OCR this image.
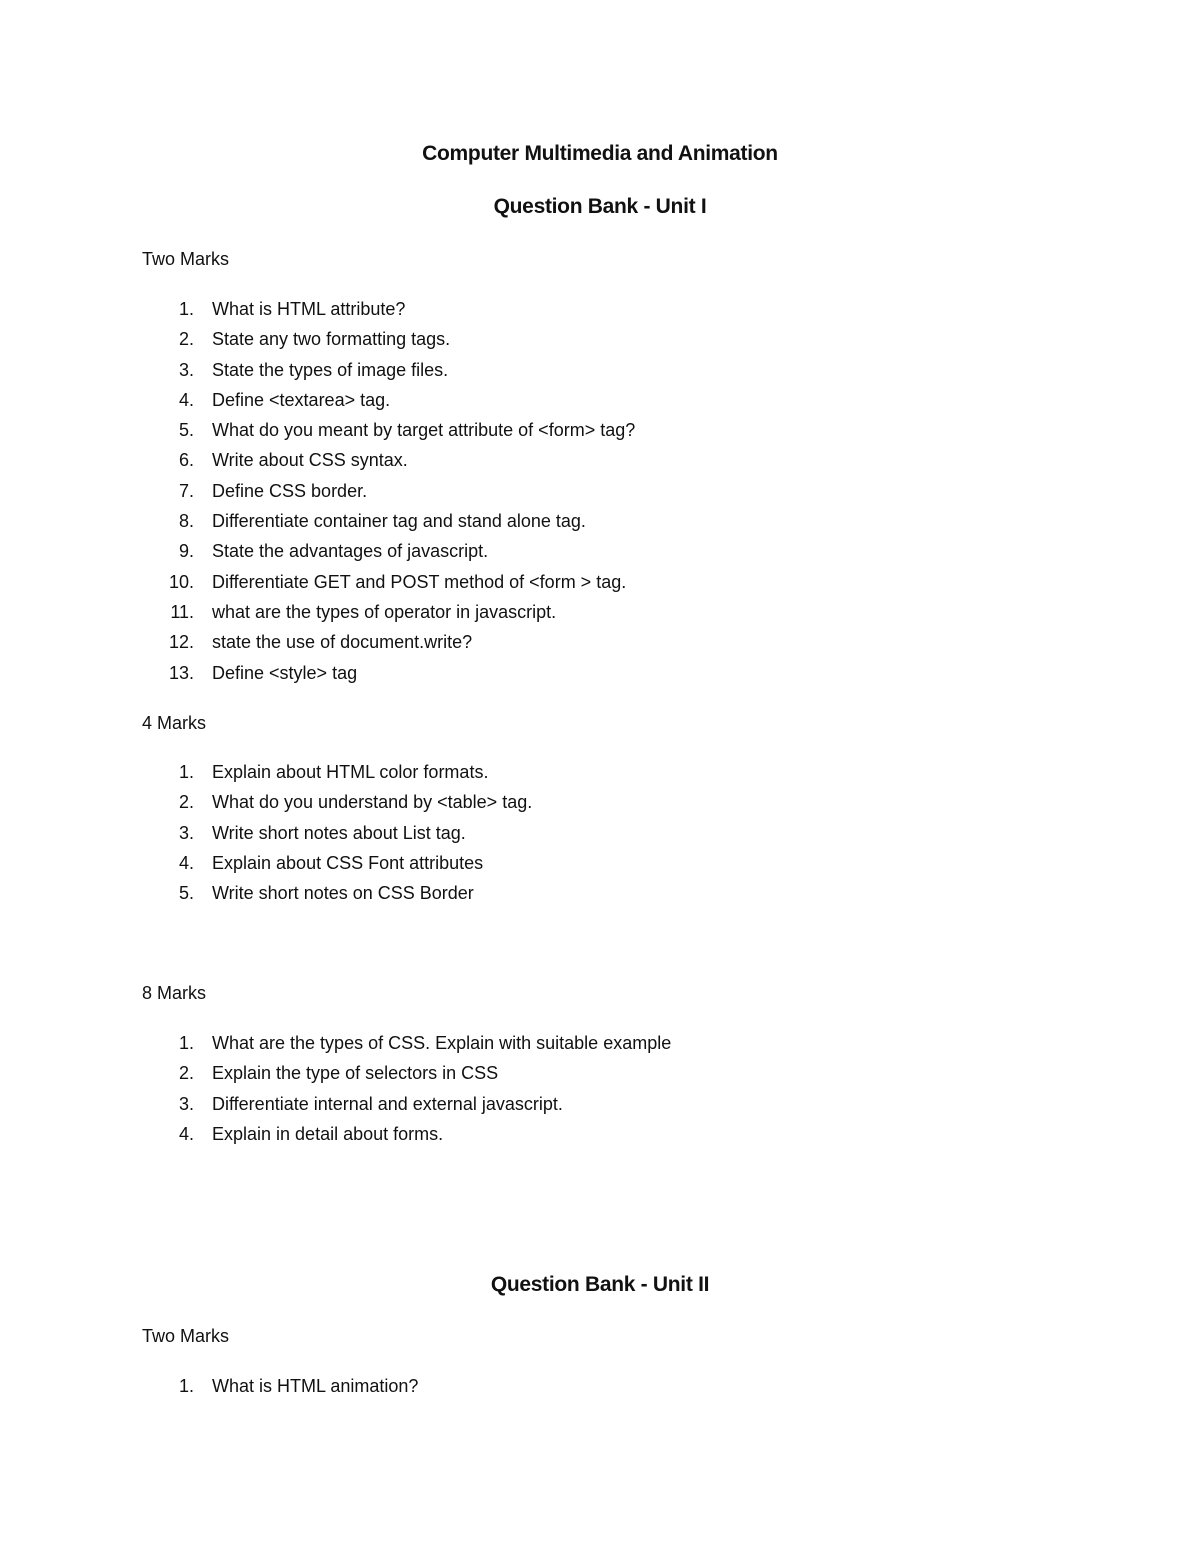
Computer Multimedia and Animation
Question Bank - Unit I
Two Marks
1. What is HTML attribute?
2. State any two formatting tags.
3. State the types of image files.
4. Define <textarea> tag.
5. What do you meant by target attribute of <form> tag?
6. Write about CSS syntax.
7. Define CSS border.
8. Differentiate container tag and stand alone tag.
9. State the advantages of javascript.
10. Differentiate GET and POST method of <form > tag.
11. what are the types of operator in javascript.
12. state the use of document.write?
13. Define <style> tag
4 Marks
1. Explain about HTML color formats.
2. What do you understand by <table> tag.
3. Write short notes about List tag.
4. Explain about CSS Font attributes
5. Write short notes on CSS Border
8 Marks
1. What are the types of CSS. Explain with suitable example
2. Explain the type of selectors in CSS
3. Differentiate internal and external javascript.
4. Explain in detail about forms.
Question Bank - Unit II
Two Marks
1. What is HTML animation?
